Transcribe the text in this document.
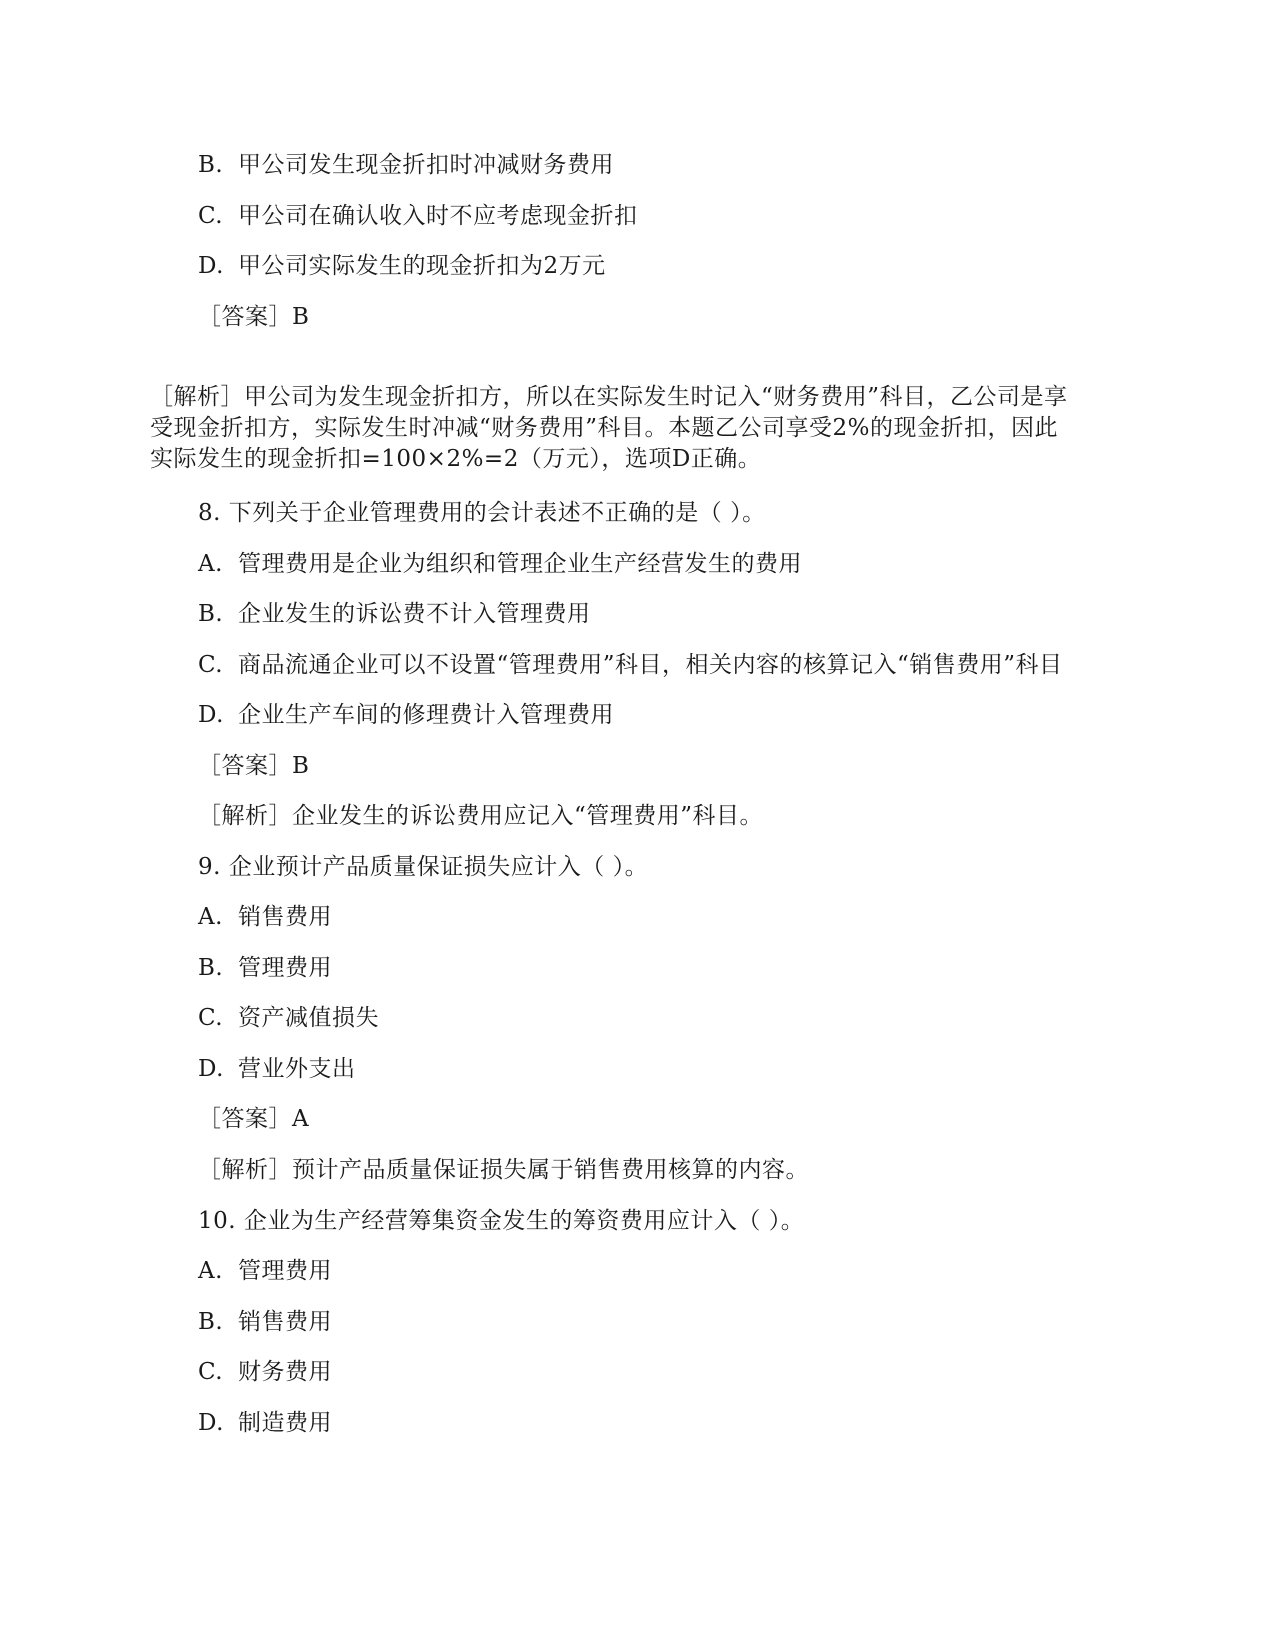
B. 甲公司发生现金折扣时冲减财务费用
C. 甲公司在确认收入时不应考虑现金折扣
D. 甲公司实际发生的现金折扣为2万元
［答案］B
［解析］甲公司为发生现金折扣方，所以在实际发生时记入“财务费用”科目，乙公司是享
受现金折扣方，实际发生时冲减“财务费用”科目。本题乙公司享受2%的现金折扣，因此
实际发生的现金折扣=100×2%=2（万元），选项D正确。
8. 下列关于企业管理费用的会计表述不正确的是（ ）。
A. 管理费用是企业为组织和管理企业生产经营发生的费用
B. 企业发生的诉讼费不计入管理费用
C. 商品流通企业可以不设置“管理费用”科目，相关内容的核算记入“销售费用”科目
D. 企业生产车间的修理费计入管理费用
［答案］B
［解析］企业发生的诉讼费用应记入“管理费用”科目。
9. 企业预计产品质量保证损失应计入（ ）。
A. 销售费用
B. 管理费用
C. 资产减值损失
D. 营业外支出
［答案］A
［解析］预计产品质量保证损失属于销售费用核算的内容。
10. 企业为生产经营筹集资金发生的筹资费用应计入（ ）。
A. 管理费用
B. 销售费用
C. 财务费用
D. 制造费用
